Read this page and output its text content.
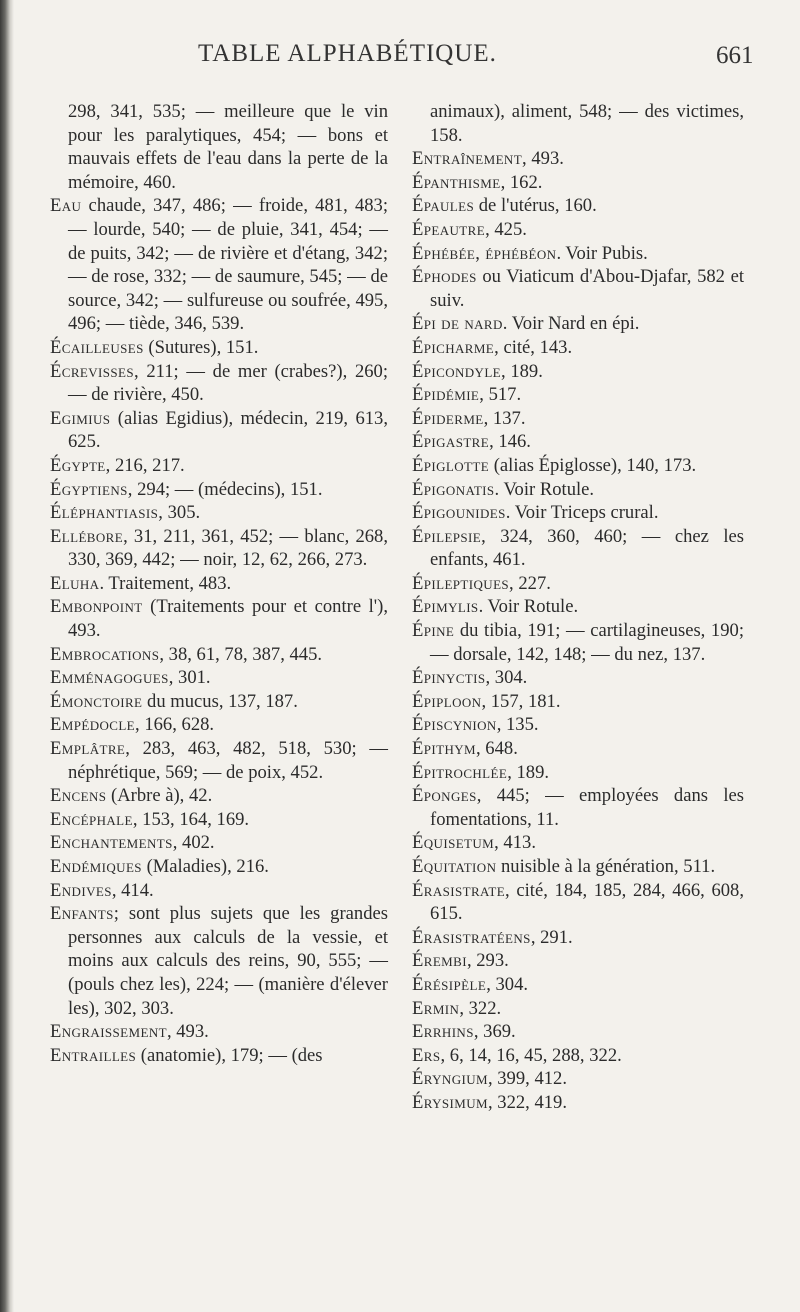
TABLE ALPHABÉTIQUE.	661

298, 341, 535; — meilleure que le vin pour les paralytiques, 454; — bons et mauvais effets de l'eau dans la perte de la mémoire, 460.

Eau chaude, 347, 486; — froide, 481, 483; — lourde, 540; — de pluie, 341, 454; — de puits, 342; — de rivière et d'étang, 342; — de rose, 332; — de saumure, 545; — de source, 342; — sulfureuse ou soufrée, 495, 496; — tiède, 346, 539.

Écailleuses (Sutures), 151.

Écrevisses, 211; — de mer (crabes?), 260; — de rivière, 450.

Egimius (alias Egidius), médecin, 219, 613, 625.

Égypte, 216, 217.

Égyptiens, 294; — (médecins), 151.

Éléphantiasis, 305.

Ellébore, 31, 211, 361, 452; — blanc, 268, 330, 369, 442; — noir, 12, 62, 266, 273.

Eluha. Traitement, 483.

Embonpoint (Traitements pour et contre l'), 493.

Embrocations, 38, 61, 78, 387, 445.

Emménagogues, 301.

Émonctoire du mucus, 137, 187.

Empédocle, 166, 628.

Emplâtre, 283, 463, 482, 518, 530; — néphrétique, 569; — de poix, 452.

Encens (Arbre à), 42.

Encéphale, 153, 164, 169.

Enchantements, 402.

Endémiques (Maladies), 216.

Endives, 414.

Enfants; sont plus sujets que les grandes personnes aux calculs de la vessie, et moins aux calculs des reins, 90, 555; — (pouls chez les), 224; — (manière d'élever les), 302, 303.

Engraissement, 493.

Entrailles (anatomie), 179; — (des

animaux), aliment, 548; — des victimes, 158.

Entraînement, 493.

Épanthisme, 162.

Épaules de l'utérus, 160.

Épeautre, 425.

Éphébée, éphébéon. Voir Pubis.

Éphodes ou Viaticum d'Abou-Djafar, 582 et suiv.

Épi de nard. Voir Nard en épi.

Épicharme, cité, 143.

Épicondyle, 189.

Épidémie, 517.

Épiderme, 137.

Épigastre, 146.

Épiglotte (alias Épiglosse), 140, 173.

Épigonatis. Voir Rotule.

Épigounides. Voir Triceps crural.

Épilepsie, 324, 360, 460; — chez les enfants, 461.

Épileptiques, 227.

Épimylis. Voir Rotule.

Épine du tibia, 191; — cartilagineuses, 190; — dorsale, 142, 148; — du nez, 137.

Épinyctis, 304.

Épiploon, 157, 181.

Épiscynion, 135.

Épithym, 648.

Épitrochlée, 189.

Éponges, 445; — employées dans les fomentations, 11.

Équisetum, 413.

Équitation nuisible à la génération, 511.

Érasistrate, cité, 184, 185, 284, 466, 608, 615.

Érasistratéens, 291.

Érembi, 293.

Érésipèle, 304.

Ermin, 322.

Errhins, 369.

Ers, 6, 14, 16, 45, 288, 322.

Éryngium, 399, 412.

Érysimum, 322, 419.
